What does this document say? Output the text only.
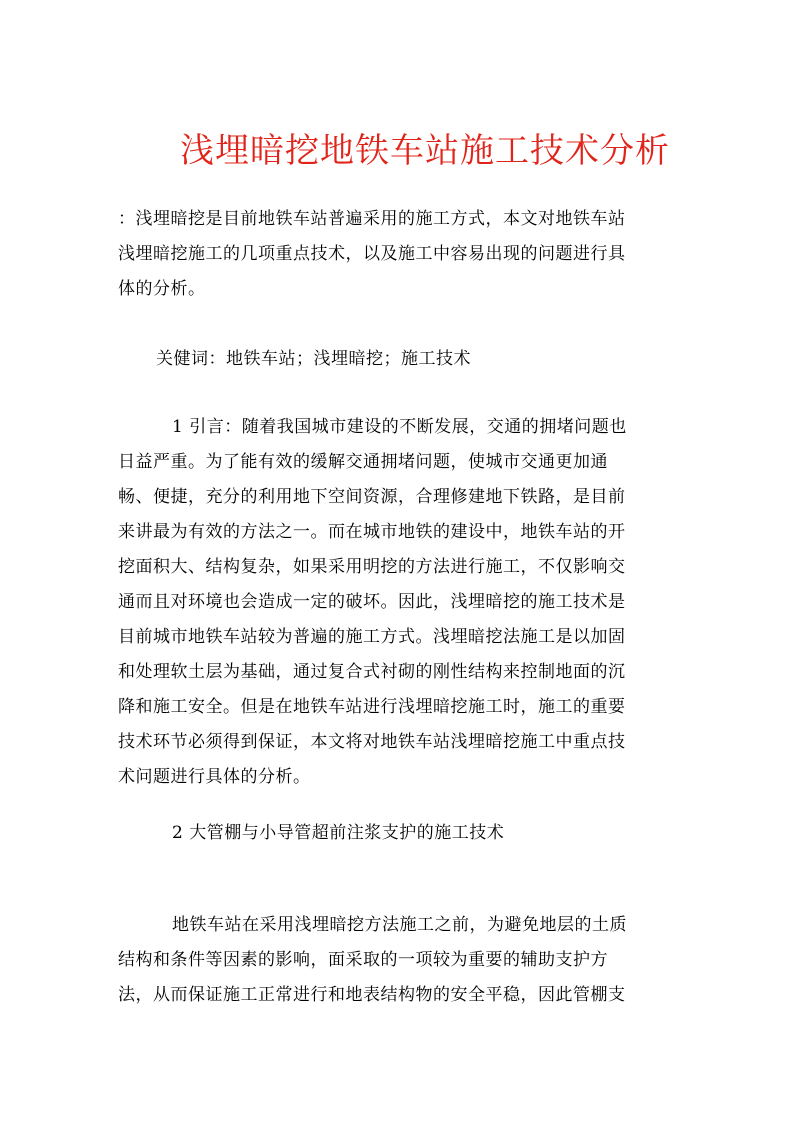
浅埋暗挖地铁车站施工技术分析
：浅埋暗挖是目前地铁车站普遍采用的施工方式，本文对地铁车站
浅埋暗挖施工的几项重点技术，以及施工中容易出现的问题进行具
体的分析。
关健词：地铁车站；浅埋暗挖；施工技术
1 引言：随着我国城市建设的不断发展，交通的拥堵问题也
日益严重。为了能有效的缓解交通拥堵问题，使城市交通更加通
畅、便捷，充分的利用地下空间资源，合理修建地下铁路，是目前
来讲最为有效的方法之一。而在城市地铁的建设中，地铁车站的开
挖面积大、结构复杂，如果采用明挖的方法进行施工，不仅影响交
通而且对环境也会造成一定的破坏。因此，浅埋暗挖的施工技术是
目前城市地铁车站较为普遍的施工方式。浅埋暗挖法施工是以加固
和处理软土层为基础，通过复合式衬砌的刚性结构来控制地面的沉
降和施工安全。但是在地铁车站进行浅埋暗挖施工时，施工的重要
技术环节必须得到保证，本文将对地铁车站浅埋暗挖施工中重点技
术问题进行具体的分析。
2 大管棚与小导管超前注浆支护的施工技术
地铁车站在采用浅埋暗挖方法施工之前，为避免地层的土质
结构和条件等因素的影响，面采取的一项较为重要的辅助支护方
法，从而保证施工正常进行和地表结构物的安全平稳，因此管棚支
